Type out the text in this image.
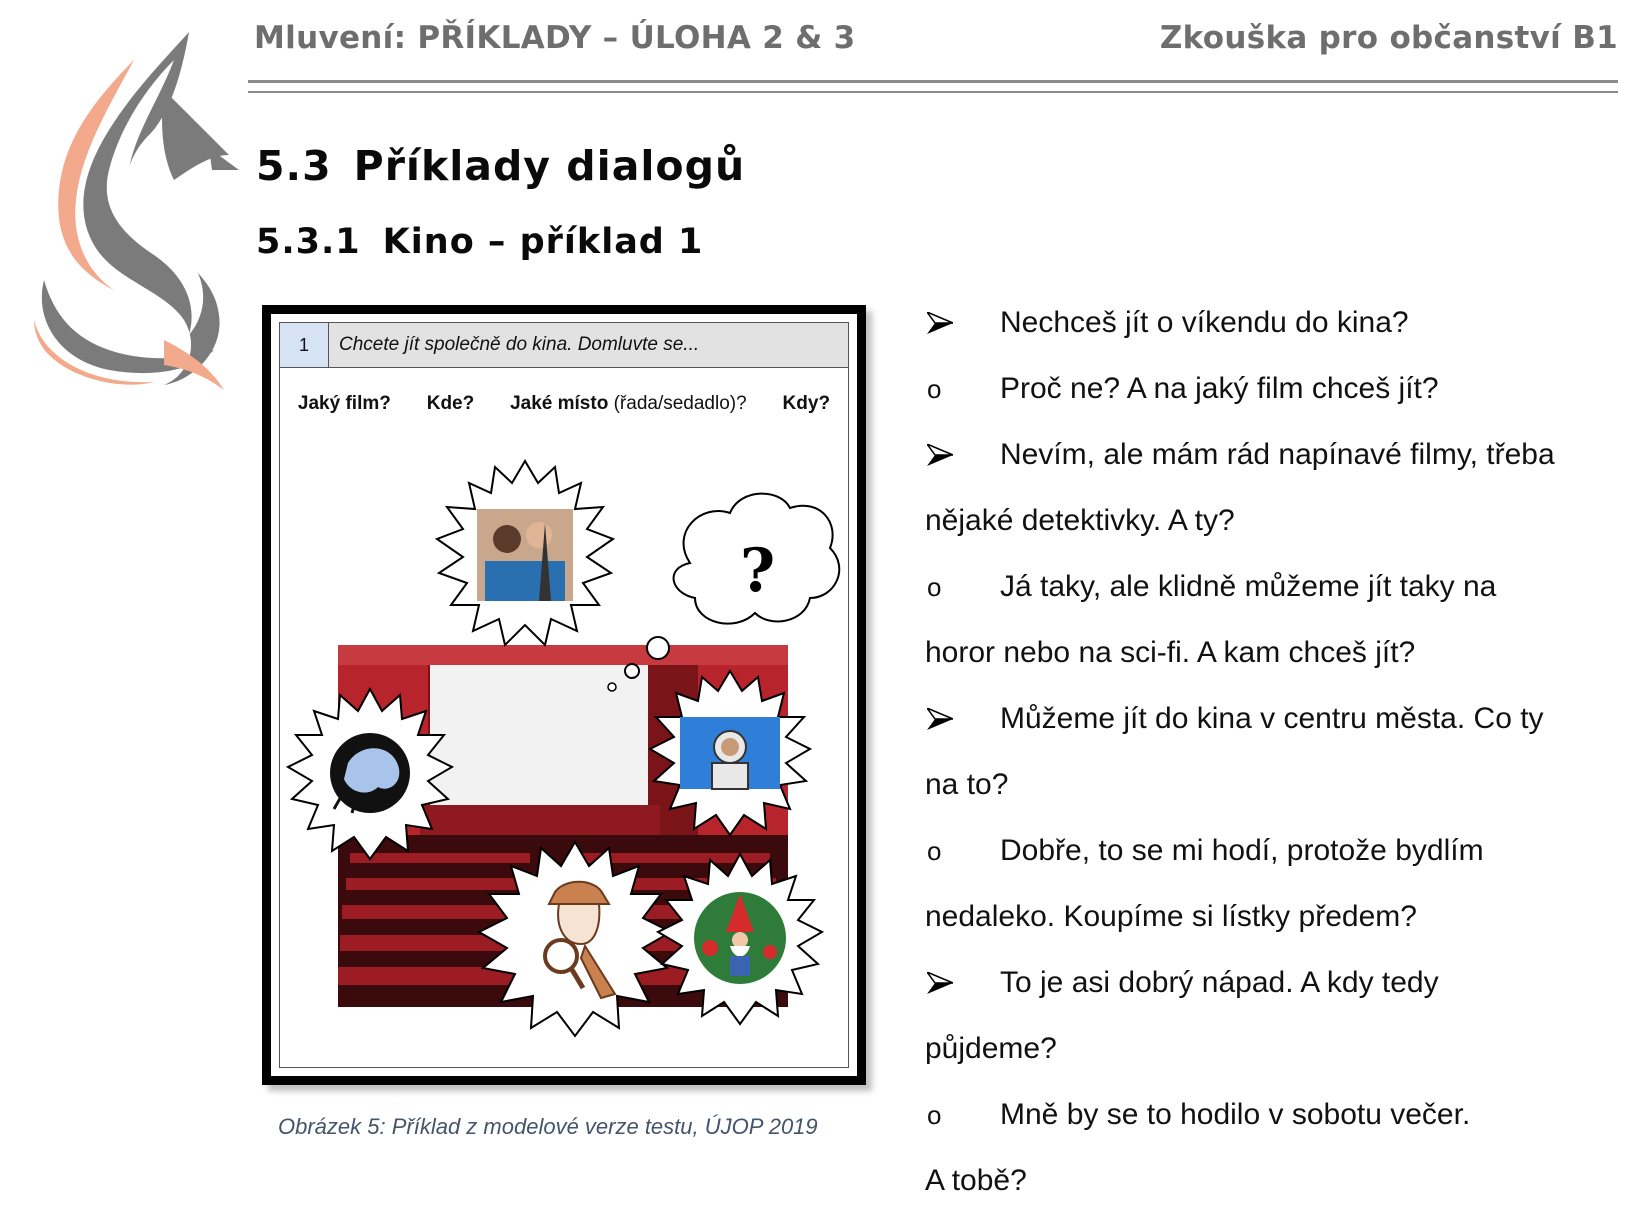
Mluvení: PŘÍKLADY – ÚLOHA 2 & 3	Zkouška pro občanství B1
5.3 Příklady dialogů
5.3.1 Kino – příklad 1
1	Chcete jít společně do kina. Domluvte se...
Jaký film? Kde? Jaké místo (řada/sedadlo)? Kdy?
?
Obrázek 5: Příklad z modelové verze testu, ÚJOP 2019
Nechceš jít o víkendu do kina?
o	Proč ne? A na jaký film chceš jít?
Nevím, ale mám rád napínavé filmy, třeba
nějaké detektivky. A ty?
o	Já taky, ale klidně můžeme jít taky na
horor nebo na sci-fi. A kam chceš jít?
Můžeme jít do kina v centru města. Co ty
na to?
o	Dobře, to se mi hodí, protože bydlím
nedaleko. Koupíme si lístky předem?
To je asi dobrý nápad. A kdy tedy
půjdeme?
o	Mně by se to hodilo v sobotu večer.
A tobě?
